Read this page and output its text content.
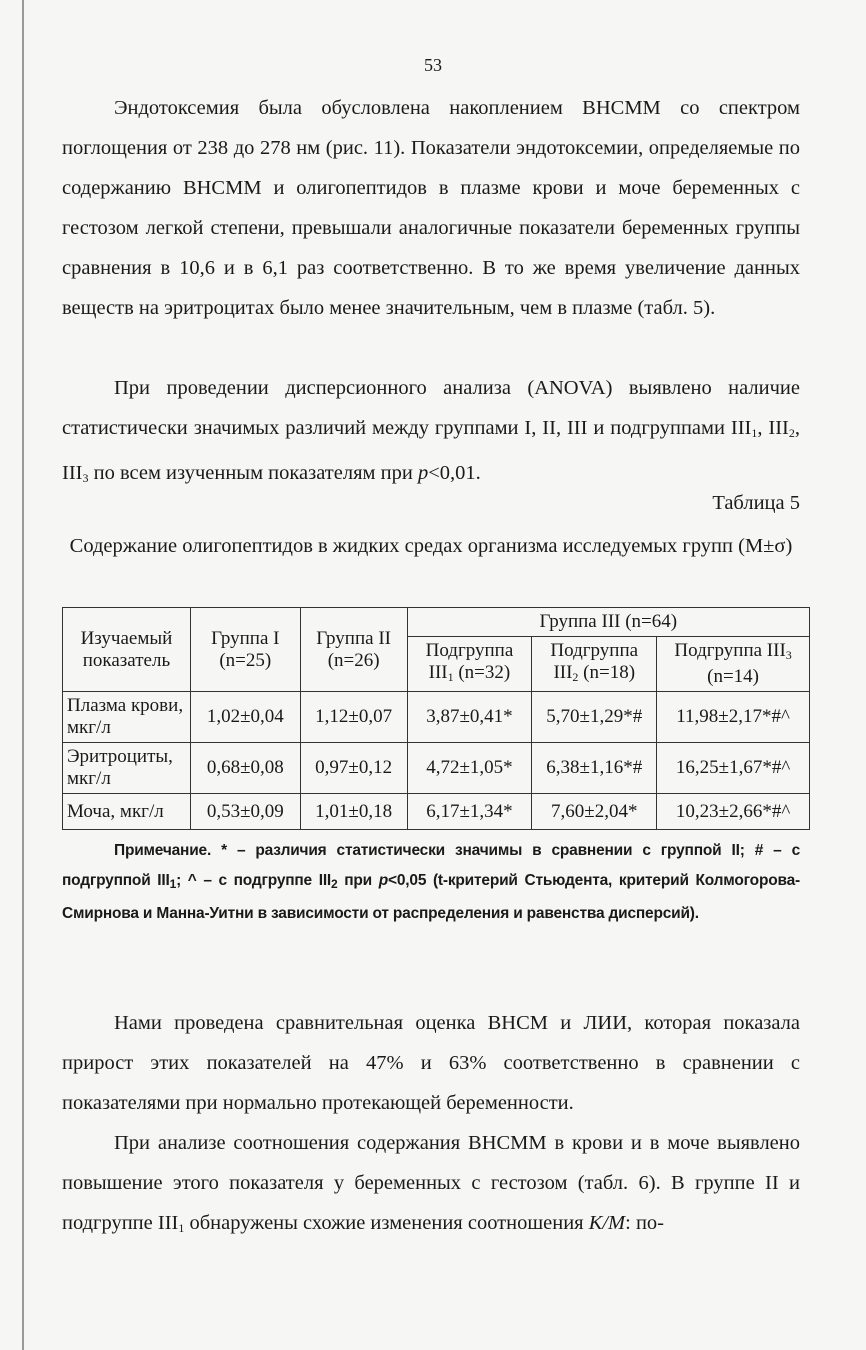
53

Эндотоксемия была обусловлена накоплением ВНСММ со спектром поглощения от 238 до 278 нм (рис. 11). Показатели эндотоксемии, определяемые по содержанию ВНСММ и олигопептидов в плазме крови и моче беременных с гестозом легкой степени, превышали аналогичные показатели беременных группы сравнения в 10,6 и в 6,1 раз соответственно. В то же время увеличение данных веществ на эритроцитах было менее значительным, чем в плазме (табл. 5).

При проведении дисперсионного анализа (ANOVA) выявлено наличие статистически значимых различий между группами I, II, III и подгруппами $III_1$, $III_2$, $III_3$ по всем изученным показателям при p<0,01.

Таблица 5
Содержание олигопептидов в жидких средах организма исследуемых групп (M±σ)
Изучаемый показатель	Группа I (n=25)	Группа II (n=26)	Группа III (n=64)		
			Подгруппа $III_1$ (n=32)	Подгруппа $III_2$ (n=18)	Подгруппа $III_3$ (n=14)
Плазма крови, мкг/л	1,02±0,04	1,12±0,07	3,87±0,41*	5,70±1,29*#	11,98±2,17*#^
Эритроциты, мкг/л	0,68±0,08	0,97±0,12	4,72±1,05*	6,38±1,16*#	16,25±1,67*#^
Моча, мкг/л	0,53±0,09	1,01±0,18	6,17±1,34*	7,60±2,04*	10,23±2,66*#^

Примечание. * – различия статистически значимы в сравнении с группой II; # – с подгруппой $III_1$; ^ – с подгруппе $III_2$ при p<0,05 (t-критерий Стьюдента, критерий Колмогорова-Смирнова и Манна-Уитни в зависимости от распределения и равенства дисперсий).

Нами проведена сравнительная оценка ВНСМ и ЛИИ, которая показала прирост этих показателей на 47% и 63% соответственно в сравнении с показателями при нормально протекающей беременности.

При анализе соотношения содержания ВНСММ в крови и в моче выявлено повышение этого показателя у беременных с гестозом (табл. 6). В группе II и подгруппе $III_1$ обнаружены схожие изменения соотношения К/М: по-
